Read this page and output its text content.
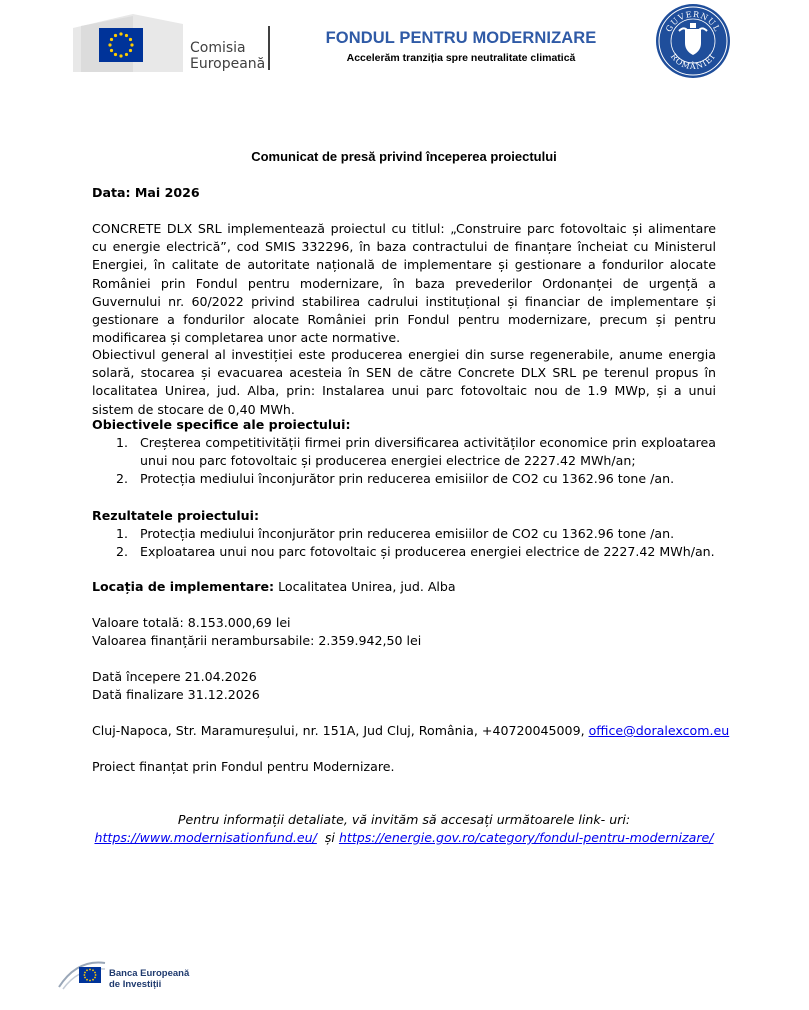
Comisia
Europeană
FONDUL PENTRU MODERNIZARE
Accelerăm tranziția spre neutralitate climatică
GUVERNUL
ROMÂNIEI
Comunicat de presă privind începerea proiectului
Data: Mai 2026
CONCRETE DLX SRL implementează proiectul cu titlul: „Construire parc fotovoltaic și alimentare cu energie electrică”, cod SMIS 332296, în baza contractului de finanțare încheiat cu Ministerul Energiei, în calitate de autoritate națională de implementare și gestionare a fondurilor alocate României prin Fondul pentru modernizare, în baza prevederilor Ordonanței de urgență a Guvernului nr. 60/2022 privind stabilirea cadrului instituțional și financiar de implementare și gestionare a fondurilor alocate României prin Fondul pentru modernizare, precum și pentru modificarea și completarea unor acte normative.
Obiectivul general al investiției este producerea energiei din surse regenerabile, anume energia solară, stocarea și evacuarea acesteia în SEN de către Concrete DLX SRL pe terenul propus în localitatea Unirea, jud. Alba, prin: Instalarea unui parc fotovoltaic nou de 1.9 MWp, și a unui sistem de stocare de 0,40 MWh.
Obiectivele specifice ale proiectului:
1. Creșterea competitivității firmei prin diversificarea activităților economice prin exploatarea unui nou parc fotovoltaic și producerea energiei electrice de 2227.42 MWh/an;
2. Protecția mediului înconjurător prin reducerea emisiilor de CO2 cu 1362.96 tone /an.
Rezultatele proiectului:
1. Protecția mediului înconjurător prin reducerea emisiilor de CO2 cu 1362.96 tone /an.
2. Exploatarea unui nou parc fotovoltaic și producerea energiei electrice de 2227.42 MWh/an.
Locația de implementare: Localitatea Unirea, jud. Alba
Valoare totală: 8.153.000,69 lei
Valoarea finanțării nerambursabile: 2.359.942,50 lei
Dată începere 21.04.2026
Dată finalizare 31.12.2026
Cluj-Napoca, Str. Maramureșului, nr. 151A, Jud Cluj, România, +40720045009, office@doralexcom.eu
Proiect finanțat prin Fondul pentru Modernizare.
Pentru informații detaliate, vă invităm să accesați următoarele link- uri:
https://www.modernisationfund.eu/  și https://energie.gov.ro/category/fondul-pentru-modernizare/
Banca Europeană
de Investiții
